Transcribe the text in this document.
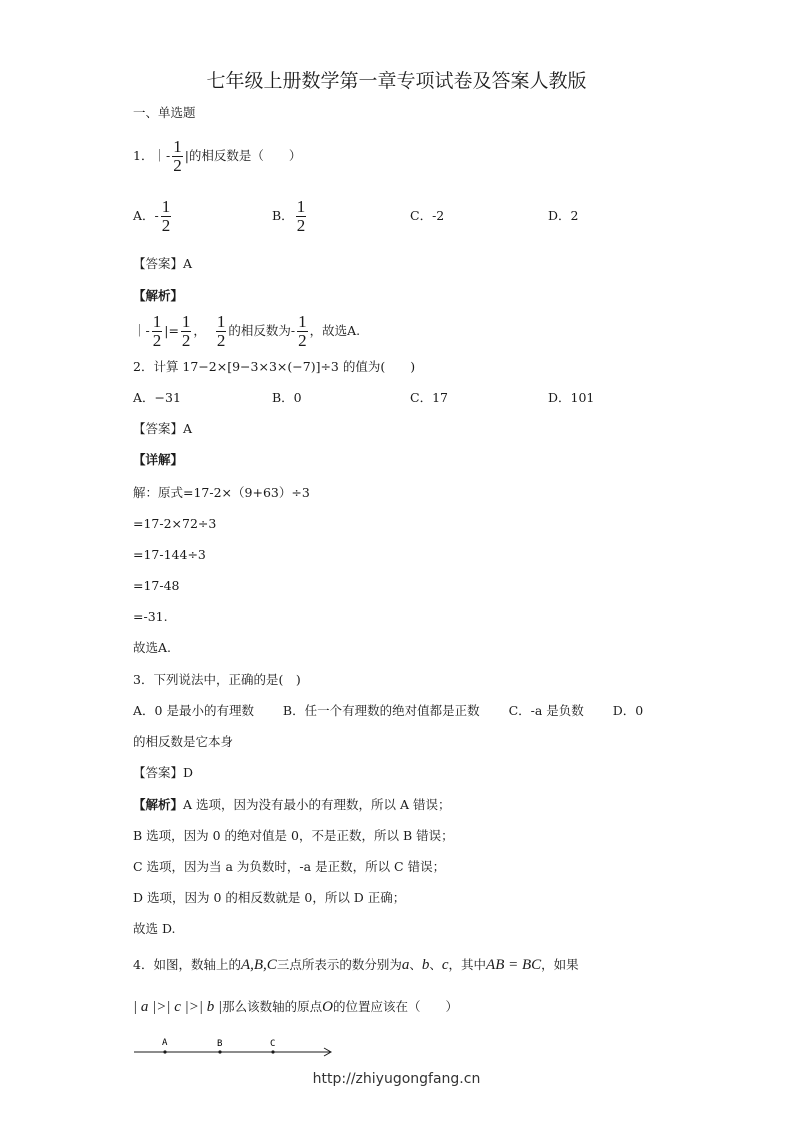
七年级上册数学第一章专项试卷及答案人教版
一、单选题
1．｜- $\frac{1}{2}$ |的相反数是（　　）
A．- $\frac{1}{2}$	B． $\frac{1}{2}$	C．-2	D．2
【答案】A
【解析】
｜- $\frac{1}{2}$ |= $\frac{1}{2}$ ， $\frac{1}{2}$ 的相反数为- $\frac{1}{2}$ ，故选A.
2．计算 17−2×[9−3×3×(−7)]÷3 的值为(　　)
A．−31	B．0	C．17	D．101
【答案】A
【详解】
解：原式=17-2×（9+63）÷3
=17-2×72÷3
=17-144÷3
=17-48
=-31.
故选A.
3．下列说法中，正确的是(　)
A．0 是最小的有理数　　 B．任一个有理数的绝对值都是正数　　 C．-a 是负数　　 D．0
的相反数是它本身
【答案】D
【解析】A 选项，因为没有最小的有理数，所以 A 错误；
B 选项，因为 0 的绝对值是 0，不是正数，所以 B 错误；
C 选项，因为当 a 为负数时，-a 是正数，所以 C 错误；
D 选项，因为 0 的相反数就是 0，所以 D 正确；
故选 D.
4．如图，数轴上的A,B,C三点所表示的数分别为a、b、c，其中AB = BC，如果
| a |>| c |>| b |那么该数轴的原点O的位置应该在（　　）
A	B	C
http://zhiyugongfang.cn
